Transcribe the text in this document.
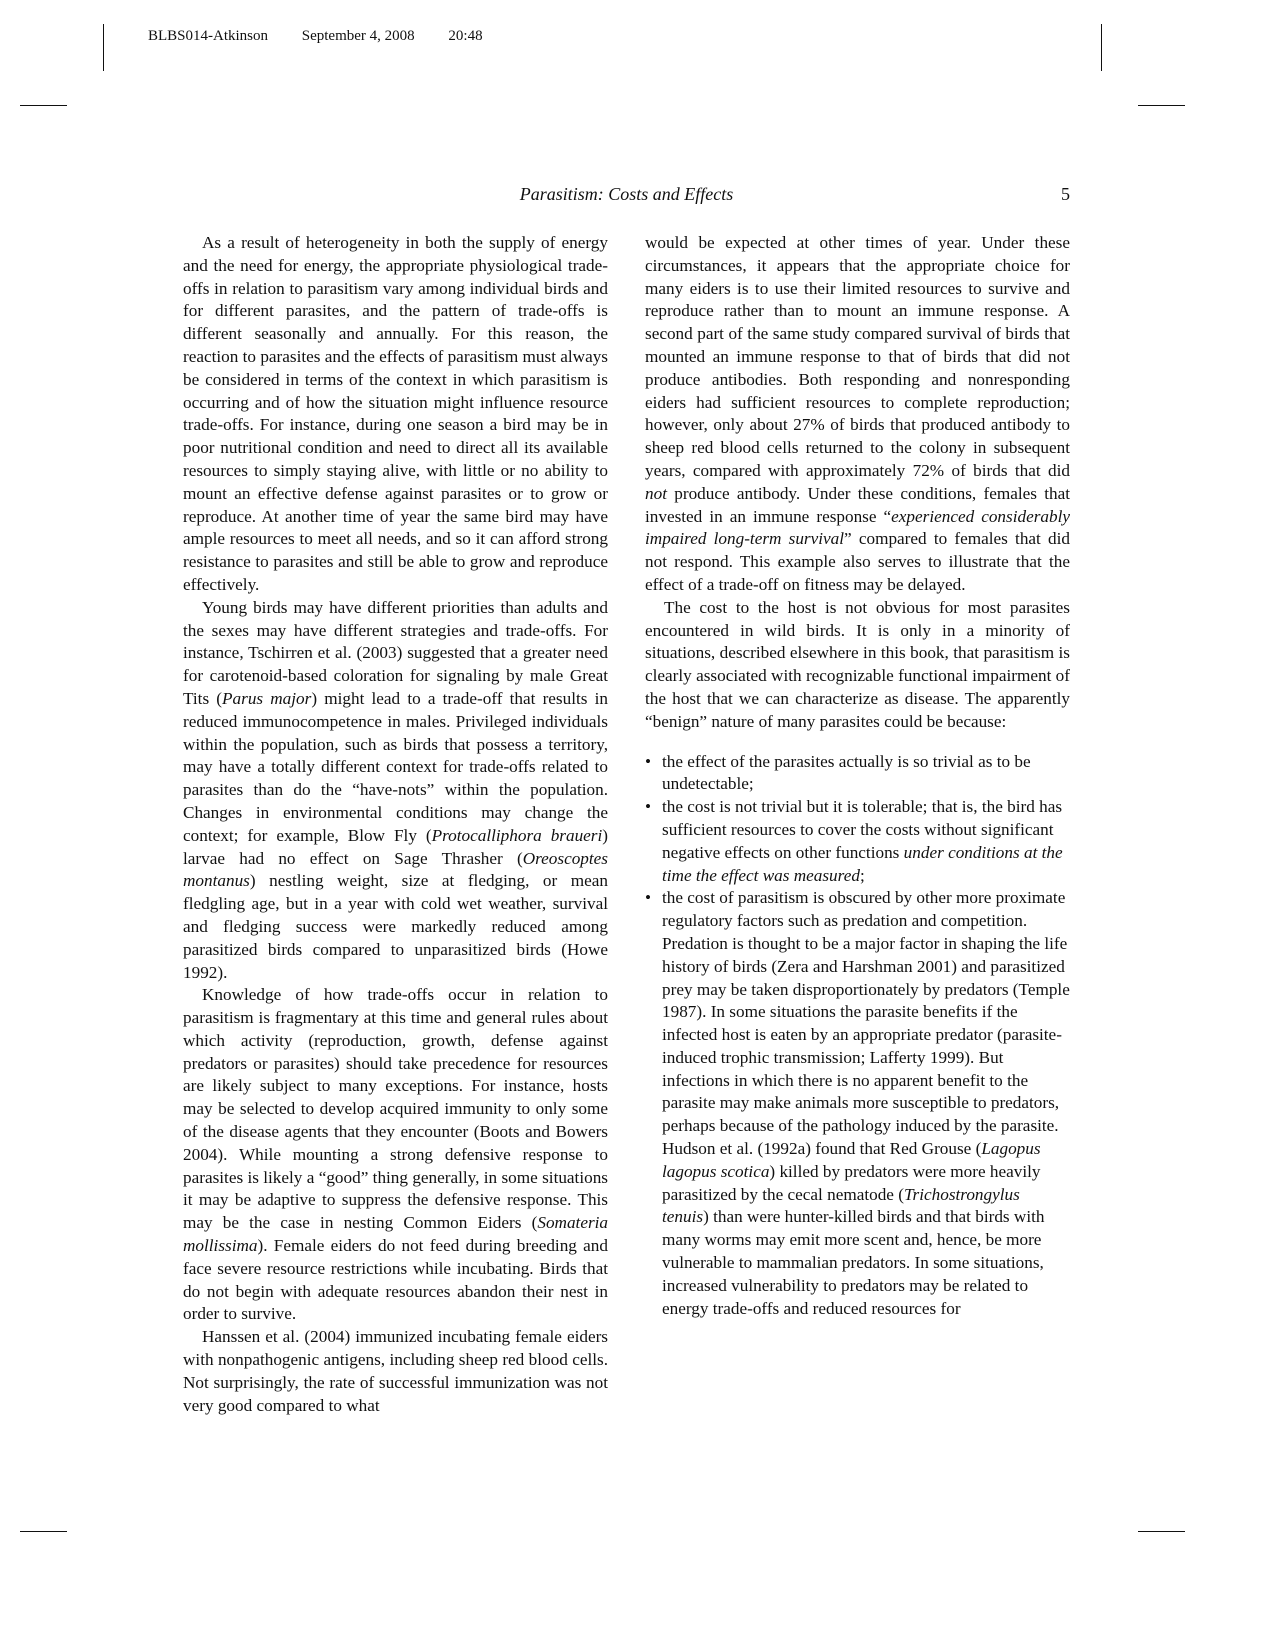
BLBS014-Atkinson September 4, 2008 20:48
Parasitism: Costs and Effects	5

As a result of heterogeneity in both the supply of energy and the need for energy, the appropriate physiological trade-offs in relation to parasitism vary among individual birds and for different parasites, and the pattern of trade-offs is different seasonally and annually. For this reason, the reaction to parasites and the effects of parasitism must always be considered in terms of the context in which parasitism is occurring and of how the situation might influence resource trade-offs. For instance, during one season a bird may be in poor nutritional condition and need to direct all its available resources to simply staying alive, with little or no ability to mount an effective defense against parasites or to grow or reproduce. At another time of year the same bird may have ample resources to meet all needs, and so it can afford strong resistance to parasites and still be able to grow and reproduce effectively.

Young birds may have different priorities than adults and the sexes may have different strategies and trade-offs. For instance, Tschirren et al. (2003) suggested that a greater need for carotenoid-based coloration for signaling by male Great Tits (Parus major) might lead to a trade-off that results in reduced immunocompetence in males. Privileged individuals within the population, such as birds that possess a territory, may have a totally different context for trade-offs related to parasites than do the “have-nots” within the population. Changes in environmental conditions may change the context; for example, Blow Fly (Protocalliphora braueri) larvae had no effect on Sage Thrasher (Oreoscoptes montanus) nestling weight, size at fledging, or mean fledgling age, but in a year with cold wet weather, survival and fledging success were markedly reduced among parasitized birds compared to unparasitized birds (Howe 1992).

Knowledge of how trade-offs occur in relation to parasitism is fragmentary at this time and general rules about which activity (reproduction, growth, defense against predators or parasites) should take precedence for resources are likely subject to many exceptions. For instance, hosts may be selected to develop acquired immunity to only some of the disease agents that they encounter (Boots and Bowers 2004). While mounting a strong defensive response to parasites is likely a “good” thing generally, in some situations it may be adaptive to suppress the defensive response. This may be the case in nesting Common Eiders (Somateria mollissima). Female eiders do not feed during breeding and face severe resource restrictions while incubating. Birds that do not begin with adequate resources abandon their nest in order to survive.

Hanssen et al. (2004) immunized incubating female eiders with nonpathogenic antigens, including sheep red blood cells. Not surprisingly, the rate of successful immunization was not very good compared to what

would be expected at other times of year. Under these circumstances, it appears that the appropriate choice for many eiders is to use their limited resources to survive and reproduce rather than to mount an immune response. A second part of the same study compared survival of birds that mounted an immune response to that of birds that did not produce antibodies. Both responding and nonresponding eiders had sufficient resources to complete reproduction; however, only about 27% of birds that produced antibody to sheep red blood cells returned to the colony in subsequent years, compared with approximately 72% of birds that did not produce antibody. Under these conditions, females that invested in an immune response “experienced considerably impaired long-term survival” compared to females that did not respond. This example also serves to illustrate that the effect of a trade-off on fitness may be delayed.

The cost to the host is not obvious for most parasites encountered in wild birds. It is only in a minority of situations, described elsewhere in this book, that parasitism is clearly associated with recognizable functional impairment of the host that we can characterize as disease. The apparently “benign” nature of many parasites could be because:

• the effect of the parasites actually is so trivial as to be undetectable;
• the cost is not trivial but it is tolerable; that is, the bird has sufficient resources to cover the costs without significant negative effects on other functions under conditions at the time the effect was measured;
• the cost of parasitism is obscured by other more proximate regulatory factors such as predation and competition. Predation is thought to be a major factor in shaping the life history of birds (Zera and Harshman 2001) and parasitized prey may be taken disproportionately by predators (Temple 1987). In some situations the parasite benefits if the infected host is eaten by an appropriate predator (parasite-induced trophic transmission; Lafferty 1999). But infections in which there is no apparent benefit to the parasite may make animals more susceptible to predators, perhaps because of the pathology induced by the parasite. Hudson et al. (1992a) found that Red Grouse (Lagopus lagopus scotica) killed by predators were more heavily parasitized by the cecal nematode (Trichostrongylus tenuis) than were hunter-killed birds and that birds with many worms may emit more scent and, hence, be more vulnerable to mammalian predators. In some situations, increased vulnerability to predators may be related to energy trade-offs and reduced resources for
